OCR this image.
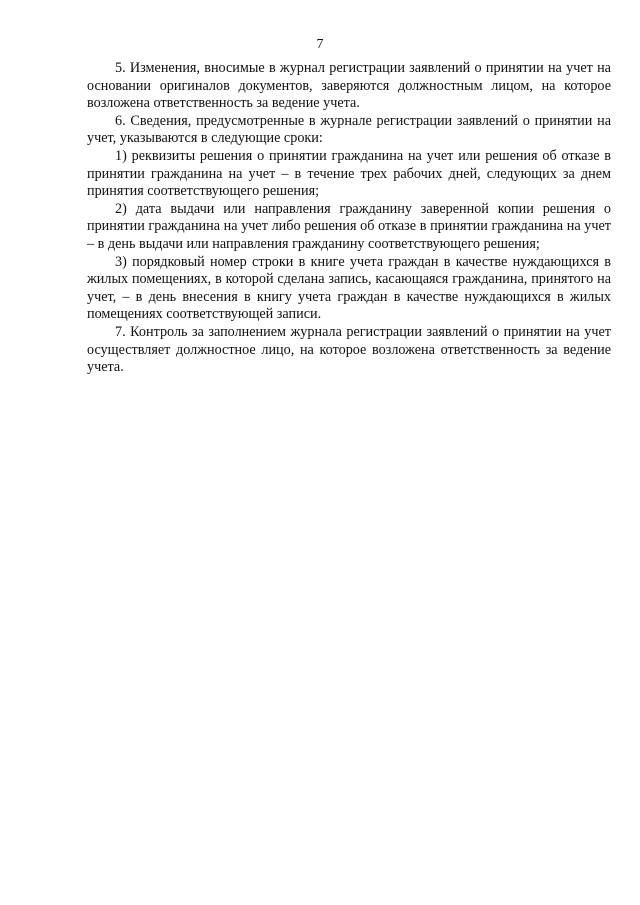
7

5. Изменения, вносимые в журнал регистрации заявлений о принятии на учет на основании оригиналов документов, заверяются должностным лицом, на которое возложена ответственность за ведение учета.

6. Сведения, предусмотренные в журнале регистрации заявлений о принятии на учет, указываются в следующие сроки:

1) реквизиты решения о принятии гражданина на учет или решения об отказе в принятии гражданина на учет – в течение трех рабочих дней, следующих за днем принятия соответствующего решения;

2) дата выдачи или направления гражданину заверенной копии решения о принятии гражданина на учет либо решения об отказе в принятии гражданина на учет – в день выдачи или направления гражданину соответствующего решения;

3) порядковый номер строки в книге учета граждан в качестве нуждающихся в жилых помещениях, в которой сделана запись, касающаяся гражданина, принятого на учет, – в день внесения в книгу учета граждан в качестве нуждающихся в жилых помещениях соответствующей записи.

7. Контроль за заполнением журнала регистрации заявлений о принятии на учет осуществляет должностное лицо, на которое возложена ответственность за ведение учета.
